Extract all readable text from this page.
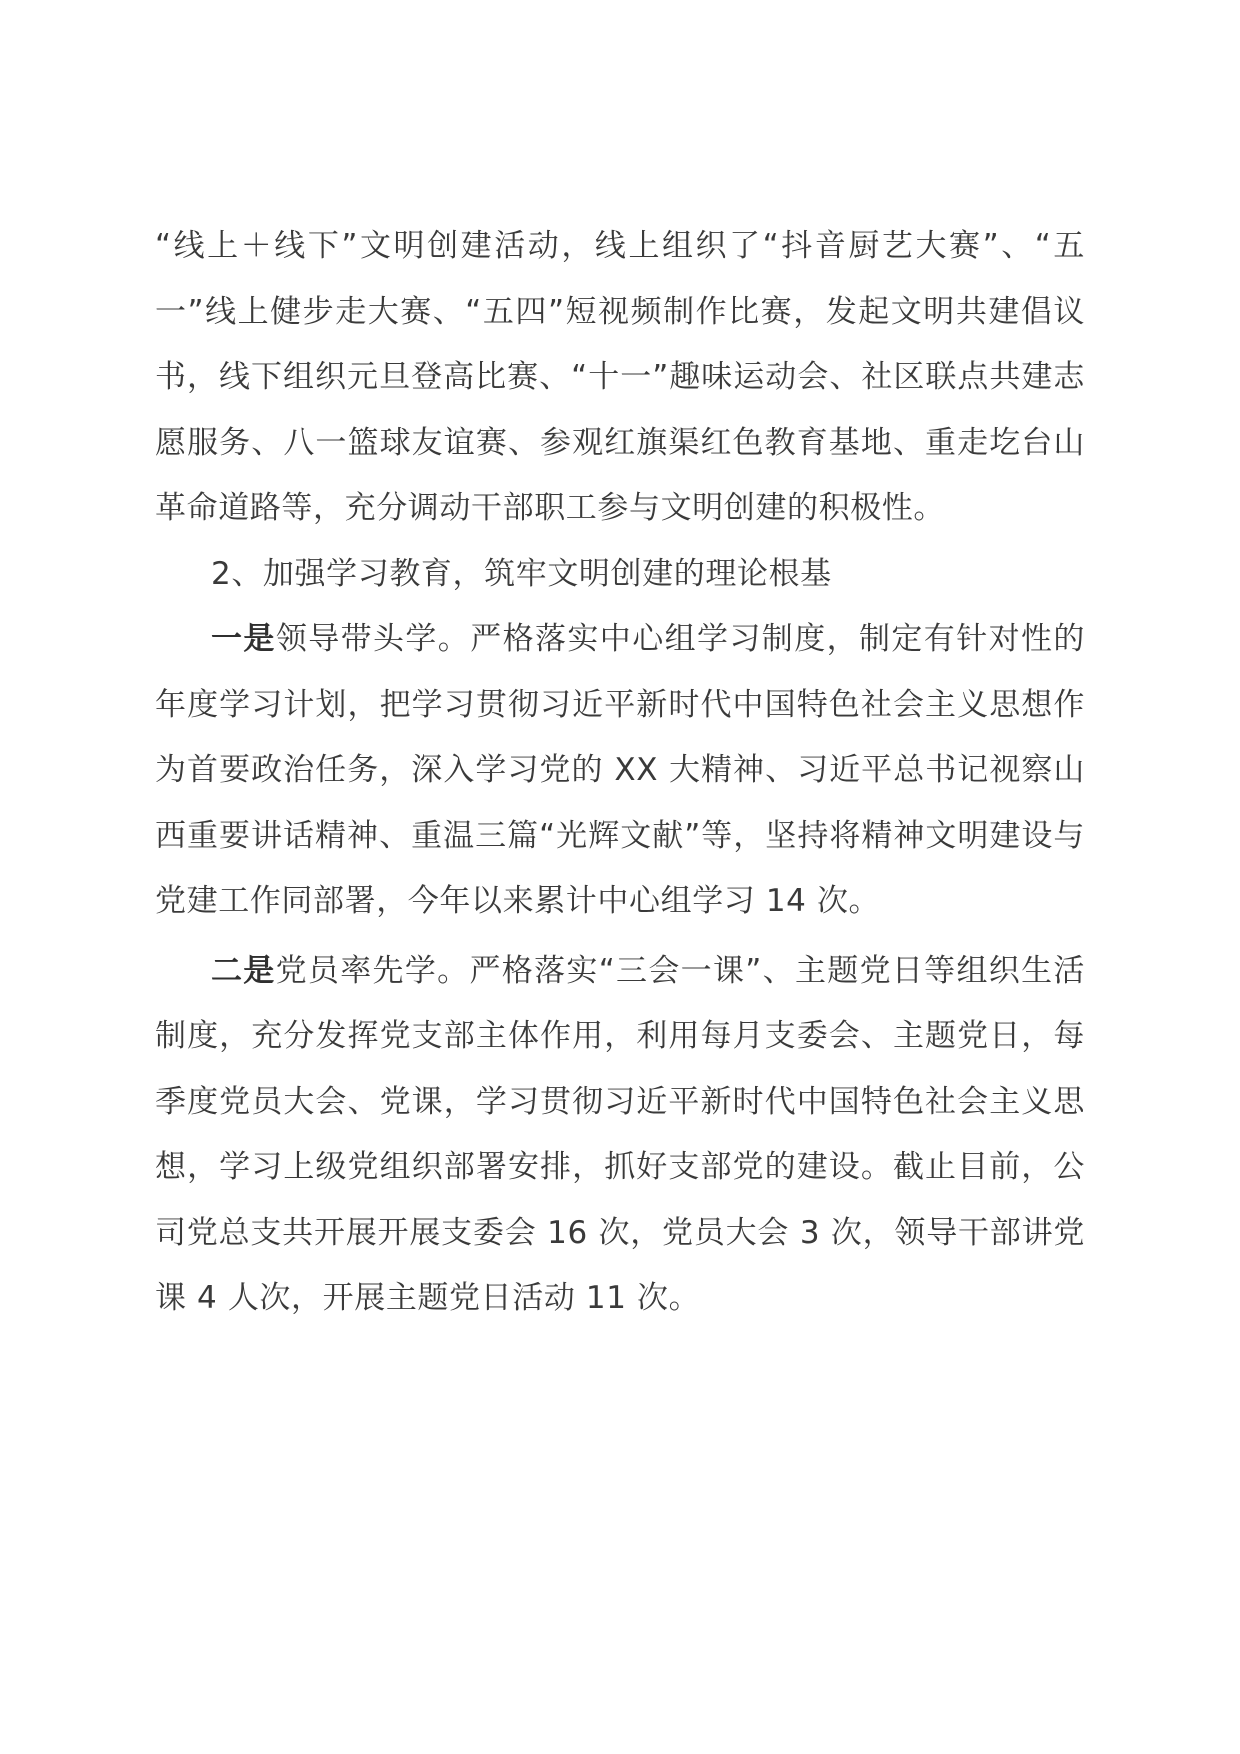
“线上＋线下”文明创建活动，线上组织了“抖音厨艺大赛”、“五一”线上健步走大赛、“五四”短视频制作比赛，发起文明共建倡议书，线下组织元旦登高比赛、“十一”趣味运动会、社区联点共建志愿服务、八一篮球友谊赛、参观红旗渠红色教育基地、重走圪台山革命道路等，充分调动干部职工参与文明创建的积极性。

2、加强学习教育，筑牢文明创建的理论根基

一是领导带头学。严格落实中心组学习制度，制定有针对性的年度学习计划，把学习贯彻习近平新时代中国特色社会主义思想作为首要政治任务，深入学习党的 XX 大精神、习近平总书记视察山西重要讲话精神、重温三篇“光辉文献”等，坚持将精神文明建设与党建工作同部署，今年以来累计中心组学习 14 次。

二是党员率先学。严格落实“三会一课”、主题党日等组织生活制度，充分发挥党支部主体作用，利用每月支委会、主题党日，每季度党员大会、党课，学习贯彻习近平新时代中国特色社会主义思想，学习上级党组织部署安排，抓好支部党的建设。截止目前，公司党总支共开展开展支委会 16 次，党员大会 3 次，领导干部讲党课 4 人次，开展主题党日活动 11 次。
